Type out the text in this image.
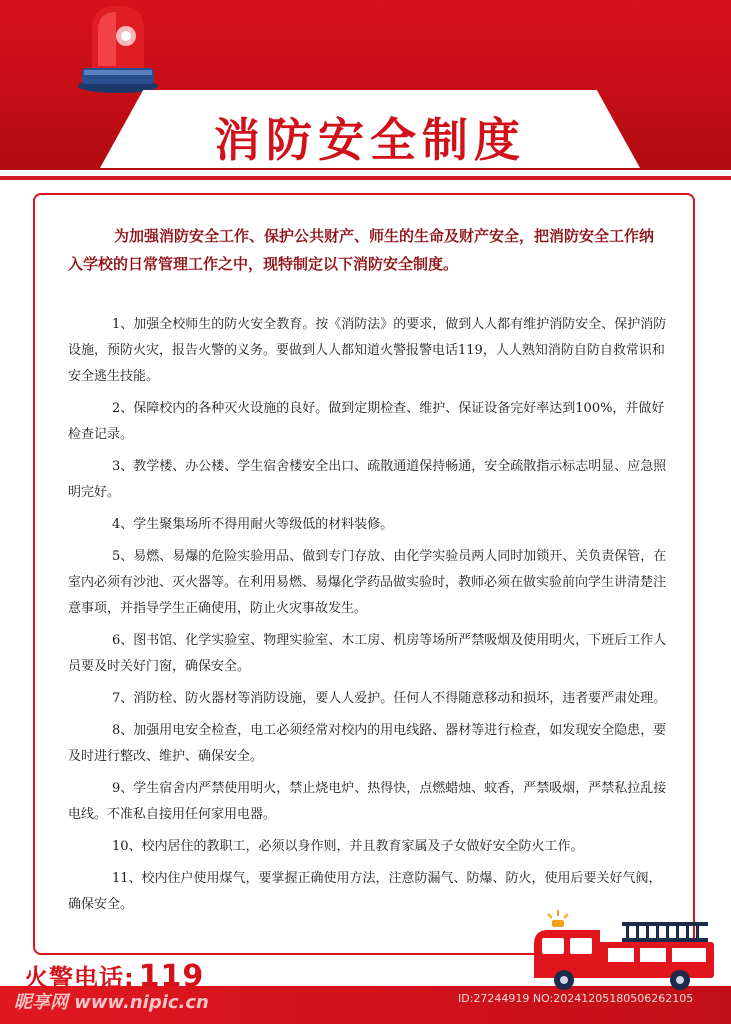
消防安全制度
为加强消防安全工作、保护公共财产、师生的生命及财产安全，把消防安全工作纳入学校的日常管理工作之中，现特制定以下消防安全制度。

1、加强全校师生的防火安全教育。按《消防法》的要求，做到人人都有维护消防安全、保护消防设施，预防火灾，报告火警的义务。要做到人人都知道火警报警电话119，人人熟知消防自防自救常识和安全逃生技能。

2、保障校内的各种灭火设施的良好。做到定期检查、维护、保证设备完好率达到100%，并做好检查记录。

3、教学楼、办公楼、学生宿舍楼安全出口、疏散通道保持畅通，安全疏散指示标志明显、应急照明完好。

4、学生聚集场所不得用耐火等级低的材料装修。

5、易燃、易爆的危险实验用品、做到专门存放、由化学实验员两人同时加锁开、关负责保管，在室内必须有沙池、灭火器等。在利用易燃、易爆化学药品做实验时，教师必须在做实验前向学生讲清楚注意事项，并指导学生正确使用，防止火灾事故发生。

6、图书馆、化学实验室、物理实验室、木工房、机房等场所严禁吸烟及使用明火，下班后工作人员要及时关好门窗，确保安全。

7、消防栓、防火器材等消防设施，要人人爱护。任何人不得随意移动和损坏，违者要严肃处理。

8、加强用电安全检查，电工必须经常对校内的用电线路、器材等进行检查，如发现安全隐患，要及时进行整改、维护、确保安全。

9、学生宿舍内严禁使用明火，禁止烧电炉、热得快，点燃蜡烛、蚊香，严禁吸烟，严禁私拉乱接电线。不准私自接用任何家用电器。

10、校内居住的教职工，必须以身作则，并且教育家属及子女做好安全防火工作。

11、校内住户使用煤气，要掌握正确使用方法，注意防漏气、防爆、防火，使用后要关好气阀，确保安全。

火警电话: 119
昵享网 www.nipic.cn	ID:27244919 NO:20241205180506262105
